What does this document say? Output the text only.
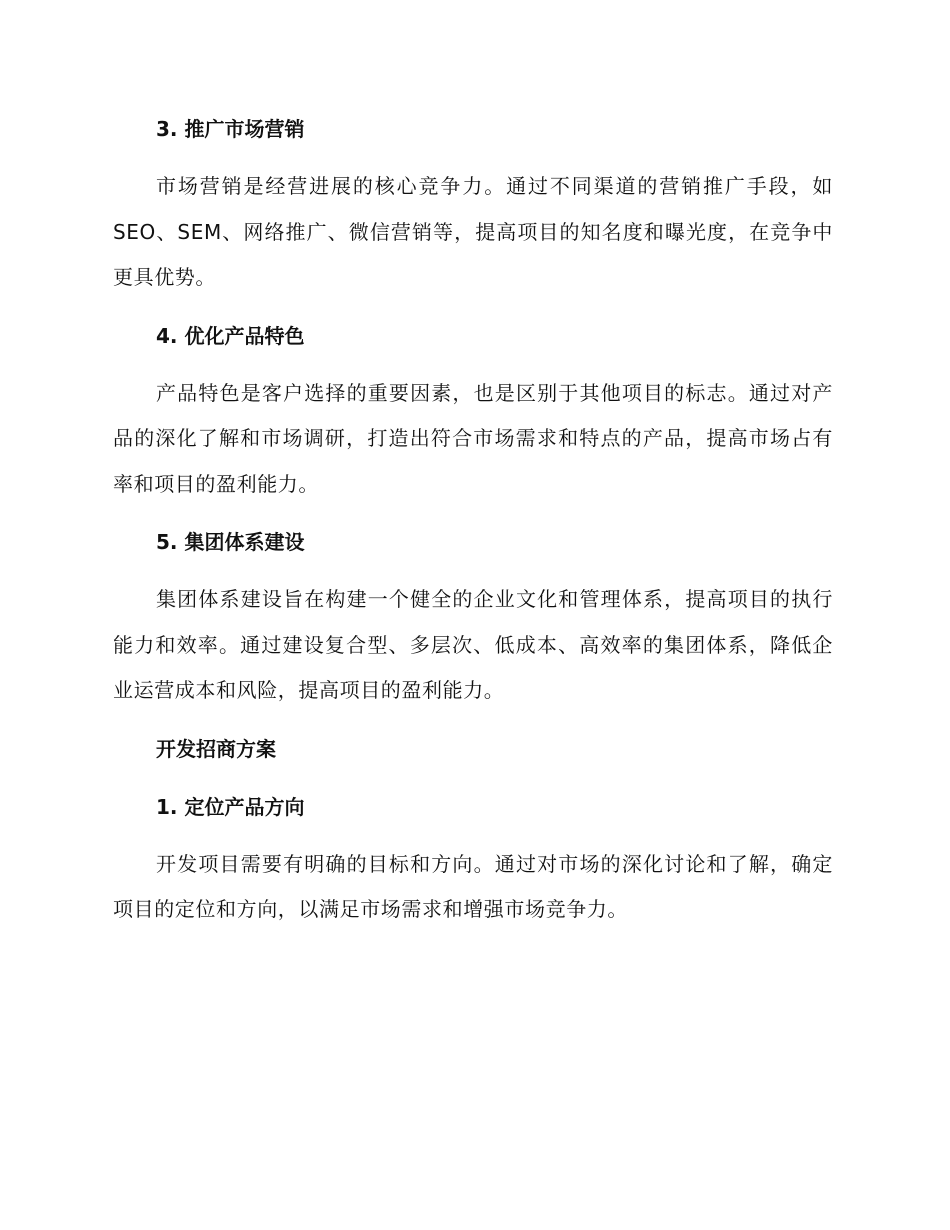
3. 推广市场营销

市场营销是经营进展的核心竞争力。通过不同渠道的营销推广手段，如SEO、SEM、网络推广、微信营销等，提高项目的知名度和曝光度，在竞争中更具优势。

4. 优化产品特色

产品特色是客户选择的重要因素，也是区别于其他项目的标志。通过对产品的深化了解和市场调研，打造出符合市场需求和特点的产品，提高市场占有率和项目的盈利能力。

5. 集团体系建设

集团体系建设旨在构建一个健全的企业文化和管理体系，提高项目的执行能力和效率。通过建设复合型、多层次、低成本、高效率的集团体系，降低企业运营成本和风险，提高项目的盈利能力。

开发招商方案
1. 定位产品方向

开发项目需要有明确的目标和方向。通过对市场的深化讨论和了解，确定项目的定位和方向，以满足市场需求和增强市场竞争力。
